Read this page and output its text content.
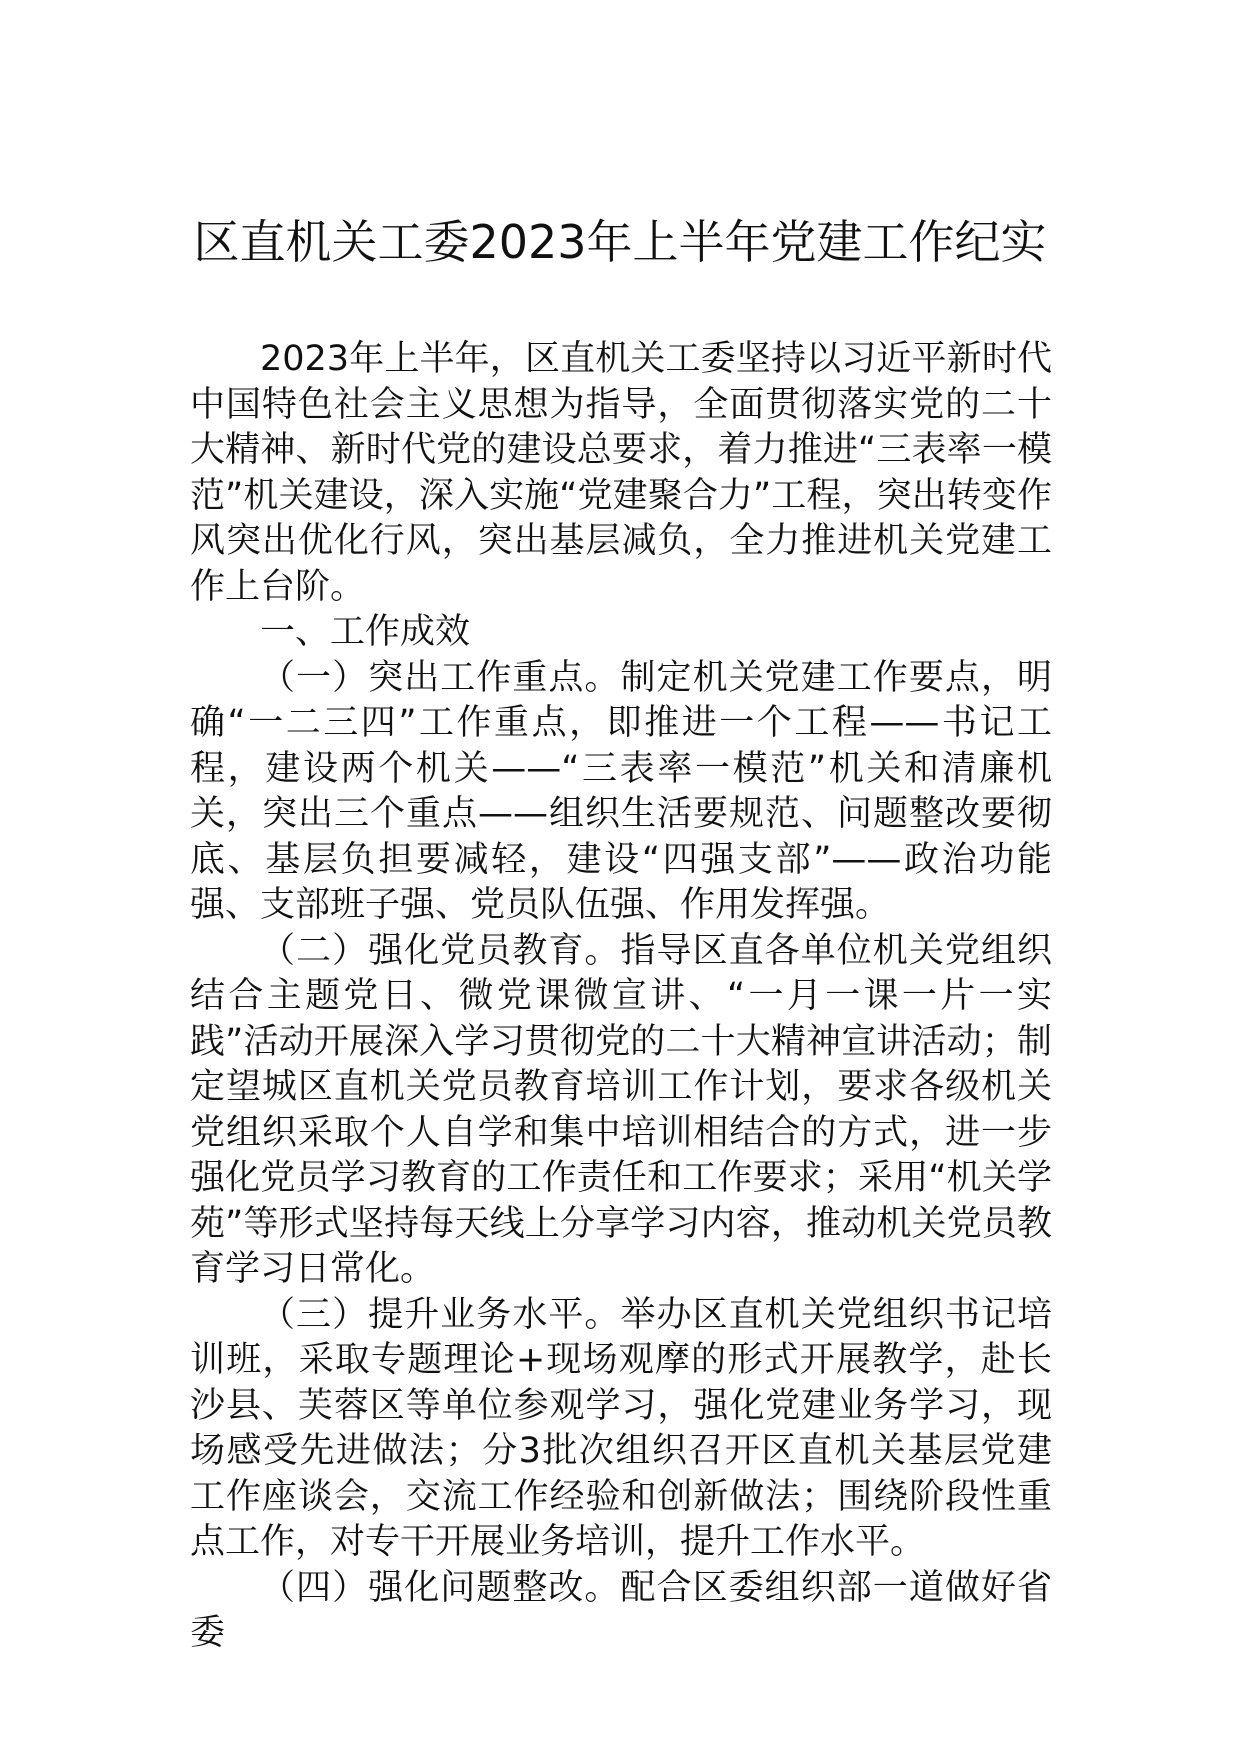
区直机关工委2023年上半年党建工作纪实

2023年上半年，区直机关工委坚持以习近平新时代中国特色社会主义思想为指导，全面贯彻落实党的二十大精神、新时代党的建设总要求，着力推进“三表率一模范”机关建设，深入实施“党建聚合力”工程，突出转变作风突出优化行风，突出基层减负，全力推进机关党建工作上台阶。

一、工作成效

（一）突出工作重点。制定机关党建工作要点，明确“一二三四”工作重点，即推进一个工程——书记工程，建设两个机关——“三表率一模范”机关和清廉机关，突出三个重点——组织生活要规范、问题整改要彻底、基层负担要减轻，建设“四强支部”——政治功能强、支部班子强、党员队伍强、作用发挥强。

（二）强化党员教育。指导区直各单位机关党组织结合主题党日、微党课微宣讲、“一月一课一片一实践”活动开展深入学习贯彻党的二十大精神宣讲活动；制定望城区直机关党员教育培训工作计划，要求各级机关党组织采取个人自学和集中培训相结合的方式，进一步强化党员学习教育的工作责任和工作要求；采用“机关学苑”等形式坚持每天线上分享学习内容，推动机关党员教育学习日常化。

（三）提升业务水平。举办区直机关党组织书记培训班，采取专题理论+现场观摩的形式开展教学，赴长沙县、芙蓉区等单位参观学习，强化党建业务学习，现场感受先进做法；分3批次组织召开区直机关基层党建工作座谈会，交流工作经验和创新做法；围绕阶段性重点工作，对专干开展业务培训，提升工作水平。

（四）强化问题整改。配合区委组织部一道做好省委
